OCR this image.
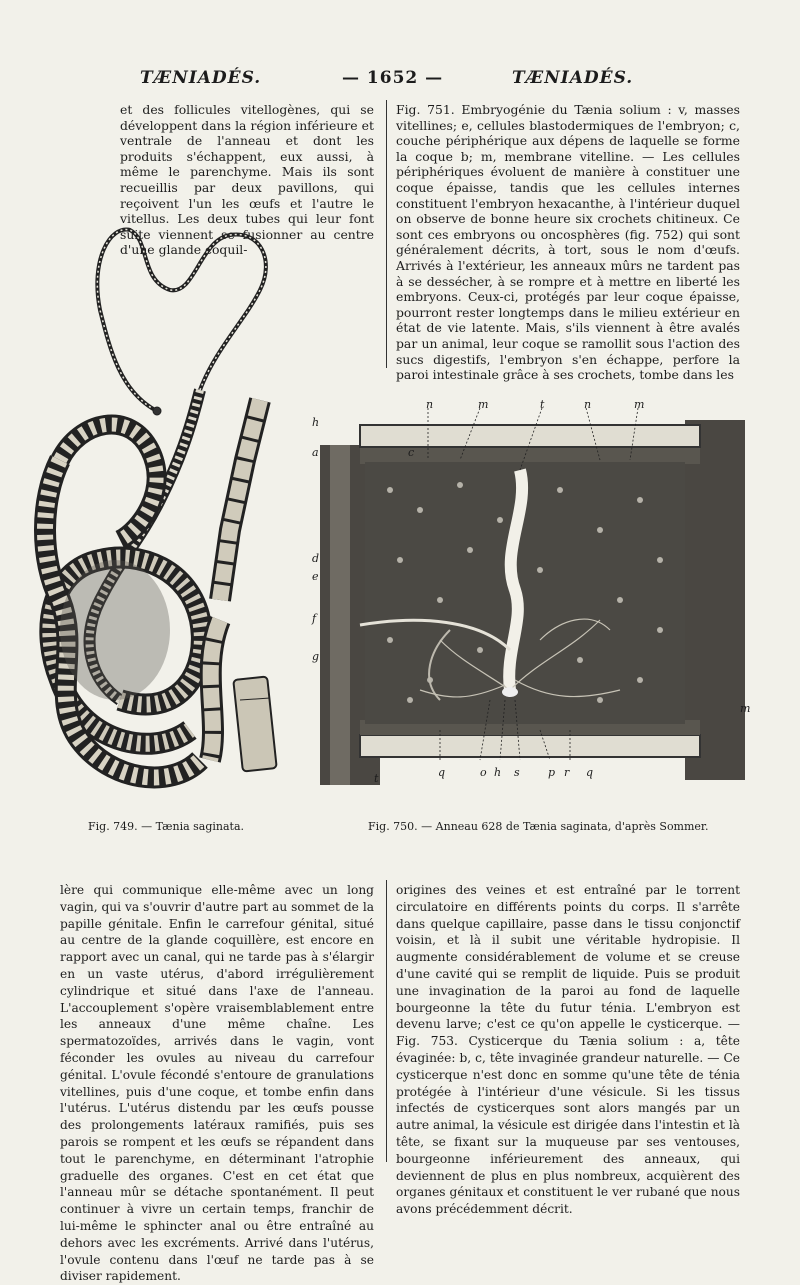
TÆNIADÉS.	— 1652 —	TÆNIADÉS.

et des follicules vitellogènes, qui se développent dans la région inférieure et ventrale de l'anneau et dont les produits s'échappent, eux aussi, à même le parenchyme. Mais ils sont recueillis par deux pavillons, qui reçoivent l'un les œufs et l'autre le vitellus. Les deux tubes qui leur font suite viennent se fusionner au centre d'une glande coquil-

Fig. 751. Embryogénie du Tænia solium : v, masses vitellines; e, cellules blastodermiques de l'embryon; c, couche périphérique aux dépens de laquelle se forme la coque b; m, membrane vitelline. — Les cellules périphériques évoluent de manière à constituer une coque épaisse, tandis que les cellules internes constituent l'embryon hexacanthe, à l'intérieur duquel on observe de bonne heure six crochets chitineux. Ce sont ces embryons ou oncosphères (fig. 752) qui sont généralement décrits, à tort, sous le nom d'œufs. Arrivés à l'extérieur, les anneaux mûrs ne tardent pas à se dessécher, à se rompre et à mettre en liberté les embryons. Ceux-ci, protégés par leur coque épaisse, pourront rester longtemps dans le milieu extérieur en état de vie latente. Mais, s'ils viennent à être avalés par un animal, leur coque se ramollit sous l'action des sucs digestifs, l'embryon s'en échappe, perfore la paroi intestinale grâce à ses crochets, tombe dans les

Fig. 749. — Tænia saginata.
n	m	t	n	m
h
a
d
e
f
g
c
m
t	q	o h s	p r q
Fig. 750. — Anneau 628 de Tænia saginata, d'après Sommer.

lère qui communique elle-même avec un long vagin, qui va s'ouvrir d'autre part au sommet de la papille génitale. Enfin le carrefour génital, situé au centre de la glande coquillère, est encore en rapport avec un canal, qui ne tarde pas à s'élargir en un vaste utérus, d'abord irrégulièrement cylindrique et situé dans l'axe de l'anneau. L'accouplement s'opère vraisemblablement entre les anneaux d'une même chaîne. Les spermatozoïdes, arrivés dans le vagin, vont féconder les ovules au niveau du carrefour génital. L'ovule fécondé s'entoure de granulations vitellines, puis d'une coque, et tombe enfin dans l'utérus. L'utérus distendu par les œufs pousse des prolongements latéraux ramifiés, puis ses parois se rompent et les œufs se répandent dans tout le parenchyme, en déterminant l'atrophie graduelle des organes. C'est en cet état que l'anneau mûr se détache spontanément. Il peut continuer à vivre un certain temps, franchir de lui-même le sphincter anal ou être entraîné au dehors avec les excréments. Arrivé dans l'utérus, l'ovule contenu dans l'œuf ne tarde pas à se diviser rapidement.

origines des veines et est entraîné par le torrent circulatoire en différents points du corps. Il s'arrête dans quelque capillaire, passe dans le tissu conjonctif voisin, et là il subit une véritable hydropisie. Il augmente considérablement de volume et se creuse d'une cavité qui se remplit de liquide. Puis se produit une invagination de la paroi au fond de laquelle bourgeonne la tête du futur ténia. L'embryon est devenu larve; c'est ce qu'on appelle le cysticerque. — Fig. 753. Cysticerque du Tænia solium : a, tête évaginée: b, c, tête invaginée grandeur naturelle. — Ce cysticerque n'est donc en somme qu'une tête de ténia protégée à l'intérieur d'une vésicule. Si les tissus infectés de cysticerques sont alors mangés par un autre animal, la vésicule est dirigée dans l'intestin et là tête, se fixant sur la muqueuse par ses ventouses, bourgeonne inférieurement des anneaux, qui deviennent de plus en plus nombreux, acquièrent des organes génitaux et constituent le ver rubané que nous avons précédemment décrit.
